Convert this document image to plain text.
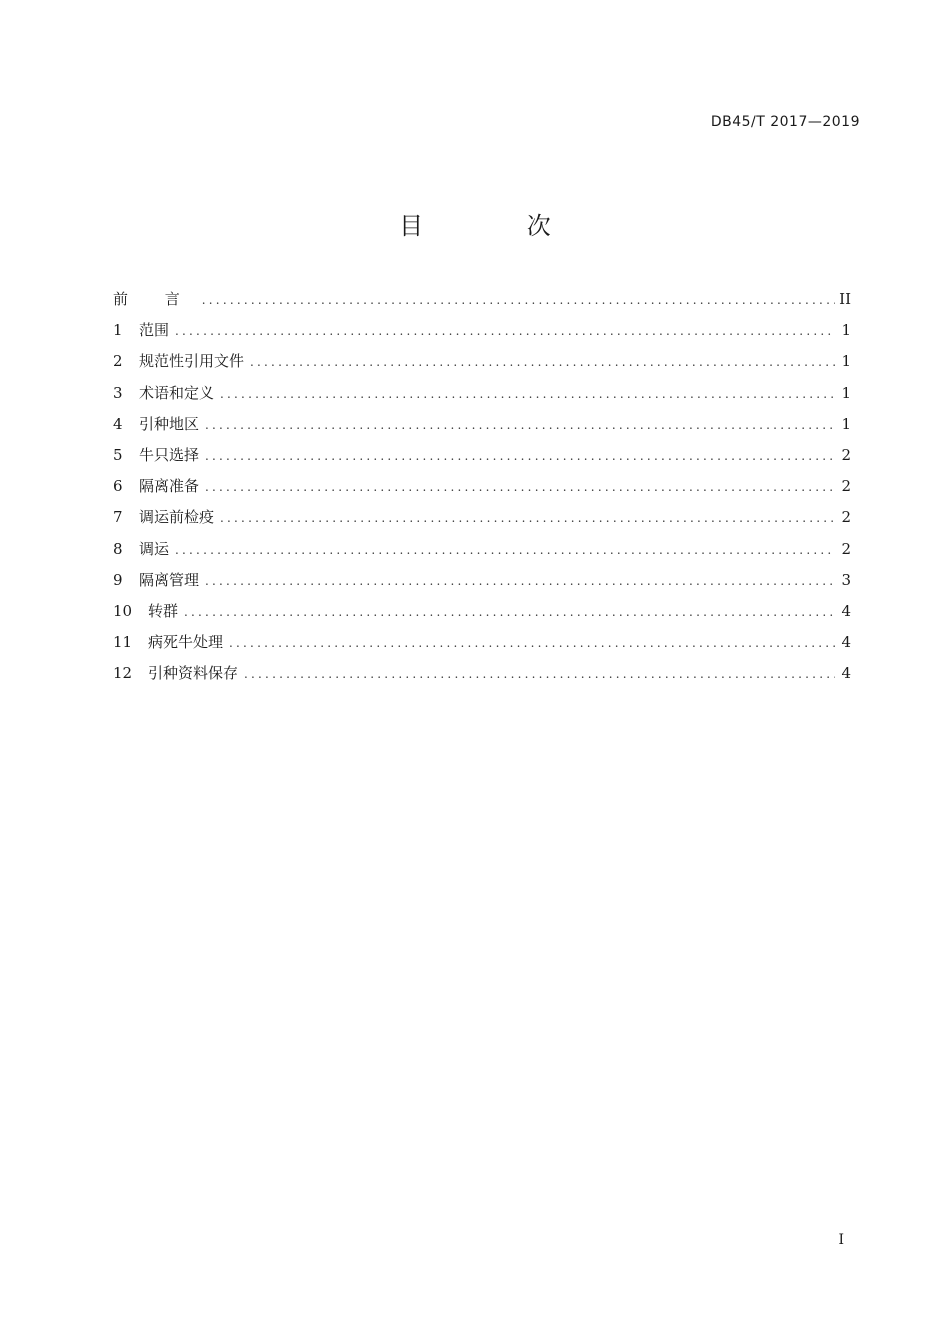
DB45/T 2017—2019
目 次
前 言 .....	II
1	范围 .....	1
2	规范性引用文件 .....	1
3	术语和定义 .....	1
4	引种地区 .....	1
5	牛只选择 .....	2
6	隔离准备 .....	2
7	调运前检疫 .....	2
8	调运 .....	2
9	隔离管理 .....	3
10	转群 .....	4
11	病死牛处理 .....	4
12	引种资料保存 .....	4
I
